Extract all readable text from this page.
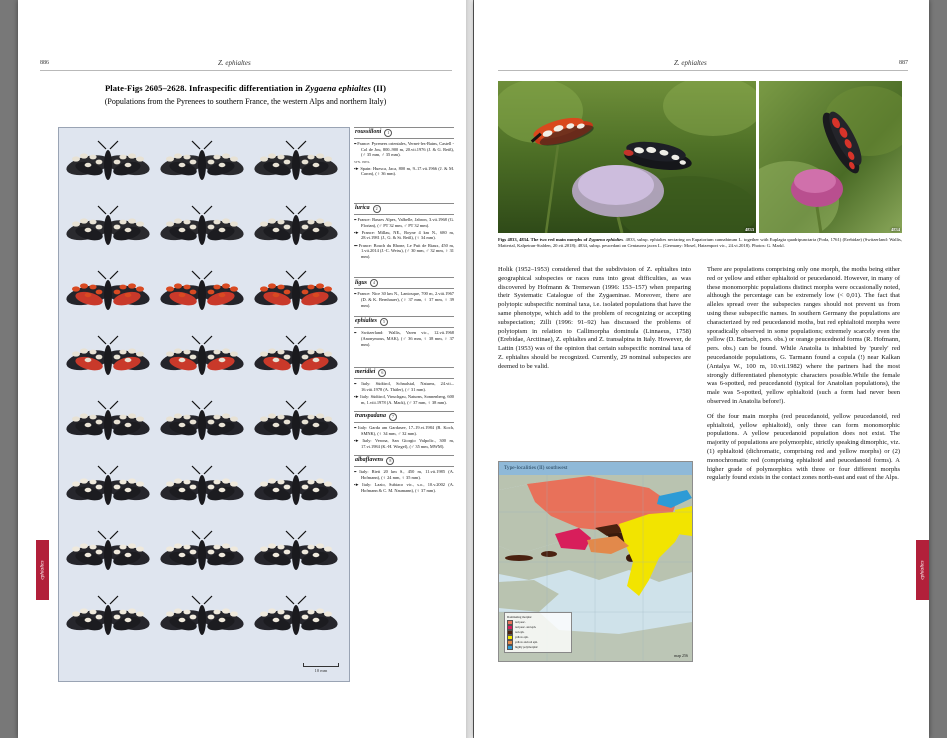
886	Z. ephialtes
Plate-Figs 2605–2628. Infraspecific differentiation in Zygaena ephialtes (II)
(Populations from the Pyrenees to southern France, the western Alps and northern Italy)
10 mm
roussilloni	1
•• France: Pyrenees orientales, Vernet-les-Bains, Castell - Col de Jou, 800–900 m, 20.vii.1976 (J. & G. Reiß), (♂ 35 mm, ♂ 35 mm).
syn. inex.
•► Spain: Huesca, Jaca, 800 m, 9–17.vii.1966 (J. & M. Caron), (♀ 36 mm).
lurica	2
•• France: Basses Alpes, Valbelle, Jabron, 3.vii.1968 (G. Florian), (♂ PT 32 mm, ♂ PT 32 mm).
•► France: Millau, NE., Boyne 4 km N., 680 m, 28.vi.1981 (J., G. & St. Reiß), (♀ 34 mm).
••• France: Bouch du Rhone, Le Puit de Riaux, 450 m, 1.vii.2014 (J.-C. Weiss), (♂ 30 mm, ♂ 32 mm, ♀ 31 mm).
ligus	4
•• France: Nice 30 km N., Lantosque, 700 m, 2.viii.1967 (D. & K. Bernhauer), (♀ 37 mm, ♀ 37 mm, ♀ 39 mm).
ephialtes	5
•• Switzerland: Wallis, Varen vic., 12.vii.1968 (Anonymous, MAK), (♂ 36 mm, ♀ 38 mm, ♀ 37 mm).
meridiei	6
•• Italy: Südtirol, Schnalstal, Naturns, 24.vii.–16.viii.1978 (A. Thäler), (♂ 31 mm).
•► Italy: Südtirol, Vinschgau, Naturns, Sonnenberg, 600 m, 1.viii.1978 (A. Mack), (♂ 37 mm, ♀ 38 mm).
transpadana	7
•• Italy: Garda am Gardasee, 17–19.vi.1984 (B. Koch, SMNK), (♀ 34 mm, ♂ 32 mm).
•► Italy: Verona, San Giorgio Valpolic., 300 m, 17.vi.1984 (K.-H. Wiegel), (♂ 35 mm, MWM).
albaflavens	8
•• Italy: Rieti 20 km S., 450 m, 11.vii.1985 (A. Hofmann), (♀ 24 mm, ♀ 35 mm).
•► Italy: Lazio, Subiaco vic., s.o., 10.v.2002 (A. Hofmann & C. M. Naumann), (♀ 37 mm).
ephialtes
Z. ephialtes	887
4833	4834
Figs 4833, 4834. The two red main morphs of Zygaena ephialtes. 4833, subsp. ephialtes nectaring on Eupatorium cannabinum L. together with Euplagia quadripunctaria (Poda, 1761) (Erebidae) (Switzerland: Wallis, Mattertal, Kalpetran-Stalden, 20.vii.2018); 4834, subsp. peucedani on Centaurea jacea L. (Germany: Mosel, Hatzenport vic., 24.vi.2018). Photos: G. Markl.

Holik (1952–1953) considered that the subdivision of Z. ephialtes into geographical subspecies or races runs into great difficulties, as was discovered by Hofmann & Tremewan (1996: 153–157) when preparing their Systematic Catalogue of the Zygaeninae. Moreover, there are polytopic subspecific nominal taxa, i.e. isolated populations that have the same phenotype, which add to the problem of recognizing or accepting subspeciation; Zilli (1996: 91–92) has discussed the problems of polytopism in relation to Callimorpha dominula (Linnaeus, 1758) (Erebidae, Arctiinae), Z. ephialtes and Z. transalpina in Italy. However, de Lattin (1953) was of the opinion that certain subspecific nominal taxa of Z. ephialtes should be recognized. Currently, 29 nominal subspecies are deemed to be valid.

There are populations comprising only one morph, the moths being either red or yellow and either ephialtoid or peucedanoid. However, in many of these monomorphic populations distinct morphs were occasionally noted, although the percentage can be extremely low (< 0,01). The fact that alleles spread over the subspecies ranges should not prevent us from using these subspecific names. In southern Germany the populations are characterized by red peucedanoid moths, but red ephialtoid morphs were sporadically observed in some populations; extremely scarcely even the yellow (D. Bartsch, pers. obs.) or orange peucednoid forms (R. Hofmann, pers. obs.) can be found. While Anatolia is inhabited by 'purely' red peucedanoide populations, G. Tarmann found a copula (!) near Kalkan (Antalya W., 100 m, 10.vii.1982) where the partners had the most strongly differentiated phenotypic characters possible.While the female was 6-spotted, red peucedanoid (typical for Anatolian populations), the male was 5-spotted, yellow ephialtoid (such a form had never been observed in Anatolia before!).

Of the four main morphs (red peucedanoid, yellow peucedanoid, red ephialtoid, yellow ephialtoid), only three can form monomorphic populations. A yellow peucedanoid population does not exist. The majority of populations are polymorphic, strictly speaking dimorphic, viz. (1) ephialtoid (dichromatic, comprising red and yellow morphs) or (2) monochromatic red (comprising ephialtoid and peucedanoid forms). A higher grade of polymorphics with three or four different morphs regularly found exists in the contact zones north-east and east of the Alps.

Type-localities (II) southwest
Dominating morphs:
red peuc.
red peuc. and eph.
red eph.
yellow eph.
yellow and red eph.
highly polymorphic
map 256
ephialtes
